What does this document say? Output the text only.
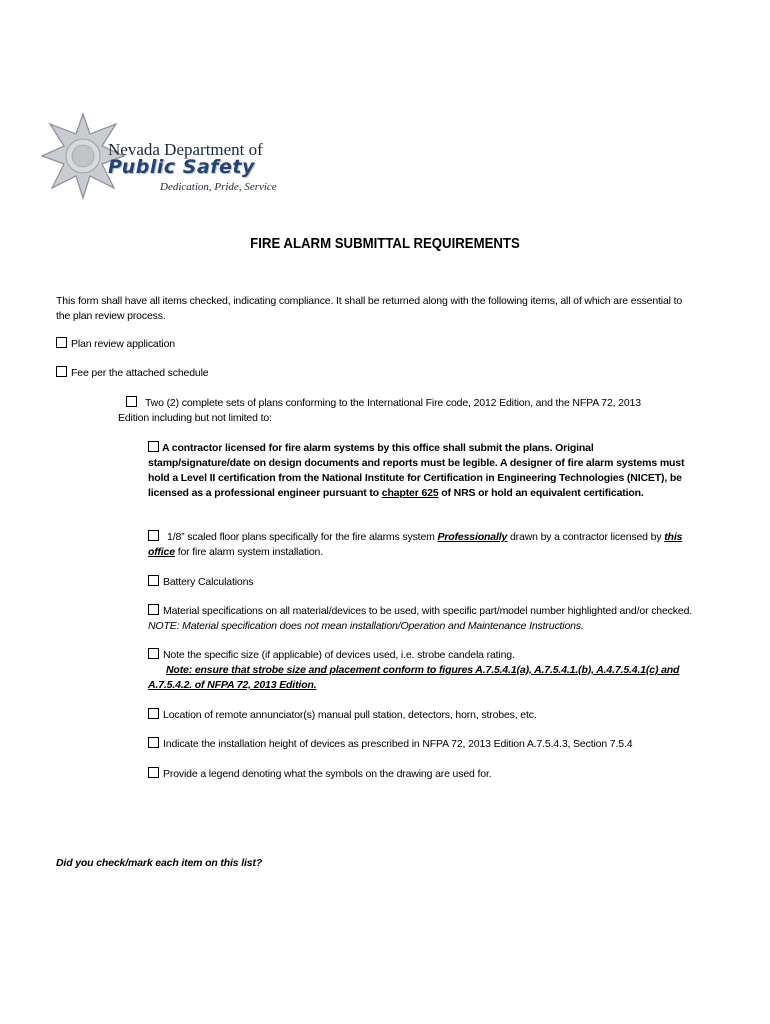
Nevada Department of
Public Safety
Dedication, Pride, Service
FIRE ALARM SUBMITTAL REQUIREMENTS
This form shall have all items checked, indicating compliance. It shall be returned along with the following items, all of which are essential to the plan review process.
Plan review application
Fee per the attached schedule
Two (2) complete sets of plans conforming to the International Fire code, 2012 Edition, and the NFPA 72, 2013 Edition including but not limited to:
A contractor licensed for fire alarm systems by this office shall submit the plans. Original stamp/signature/date on design documents and reports must be legible. A designer of fire alarm systems must hold a Level II certification from the National Institute for Certification in Engineering Technologies (NICET), be licensed as a professional engineer pursuant to chapter 625 of NRS or hold an equivalent certification.
1/8” scaled floor plans specifically for the fire alarms system Professionally drawn by a contractor licensed by this office for fire alarm system installation.
Battery Calculations
Material specifications on all material/devices to be used, with specific part/model number highlighted and/or checked. NOTE: Material specification does not mean installation/Operation and Maintenance Instructions.
Note the specific size (if applicable) of devices used, i.e. strobe candela rating.
Note: ensure that strobe size and placement conform to figures A.7.5.4.1(a), A.7.5.4.1.(b), A.4.7.5.4.1(c) and A.7.5.4.2. of NFPA 72, 2013 Edition.
Location of remote annunciator(s) manual pull station, detectors, horn, strobes, etc.
Indicate the installation height of devices as prescribed in NFPA 72, 2013 Edition A.7.5.4.3, Section 7.5.4
Provide a legend denoting what the symbols on the drawing are used for.
Did you check/mark each item on this list?
